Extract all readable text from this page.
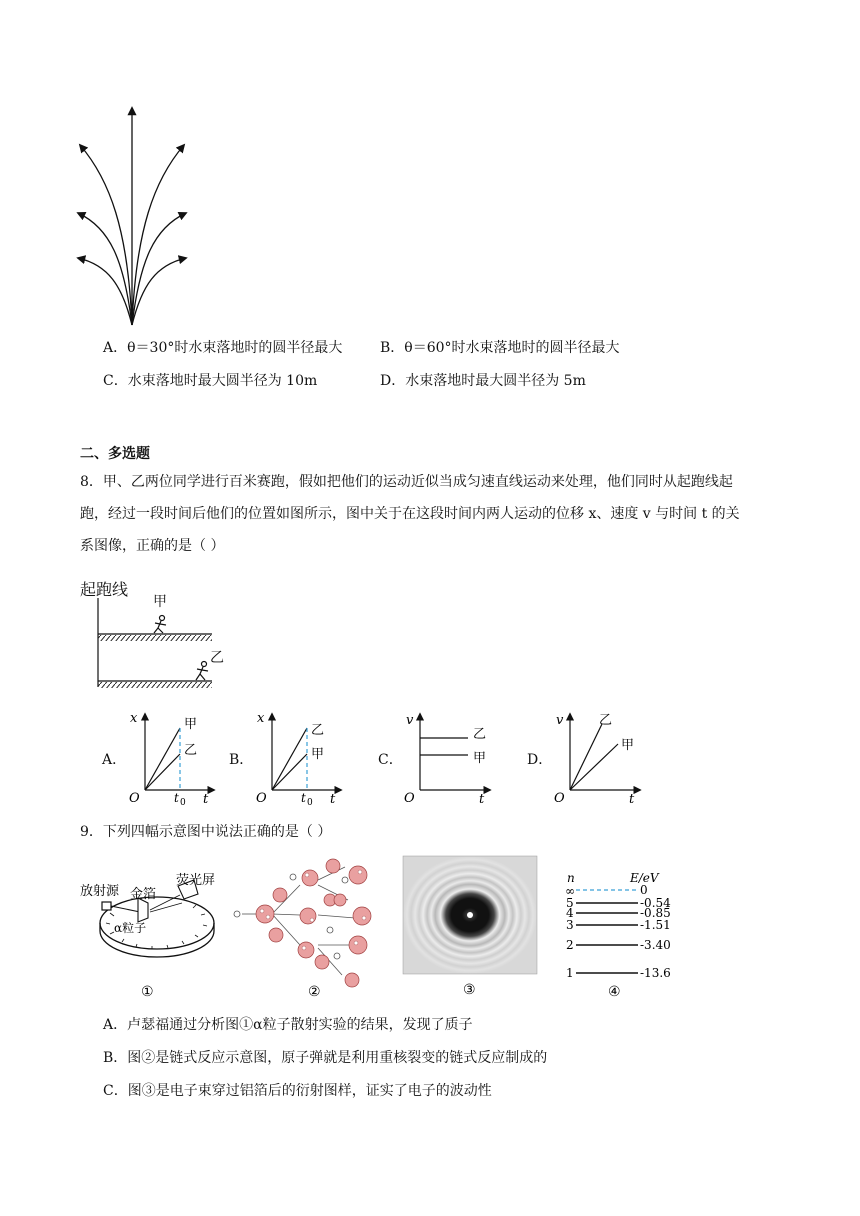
A．θ＝30°时水束落地时的圆半径最大	B．θ＝60°时水束落地时的圆半径最大
C．水束落地时最大圆半径为 10m	D．水束落地时最大圆半径为 5m
二、多选题
8．甲、乙两位同学进行百米赛跑，假如把他们的运动近似当成匀速直线运动来处理，他们同时从起跑线起
跑，经过一段时间后他们的位置如图所示，图中关于在这段时间内两人运动的位移 x、速度 v 与时间 t 的关
系图像，正确的是（ ）
起跑线
甲
乙
A．
x
t
O	t 0
甲
乙
B．
x
t
O	t 0
乙
甲	C．
v
t
O
乙
甲	D．
v
t
O
乙
甲
9．下列四幅示意图中说法正确的是（ ）
放射源 金箔
荧光屏
α粒子
①	②	③
n	E/eV
∞	0
5	-0.54
4	-0.85
3	-1.51
2	-3.40
1	-13.6
④
A．卢瑟福通过分析图①α粒子散射实验的结果，发现了质子
B．图②是链式反应示意图，原子弹就是利用重核裂变的链式反应制成的
C．图③是电子束穿过铝箔后的衍射图样，证实了电子的波动性
